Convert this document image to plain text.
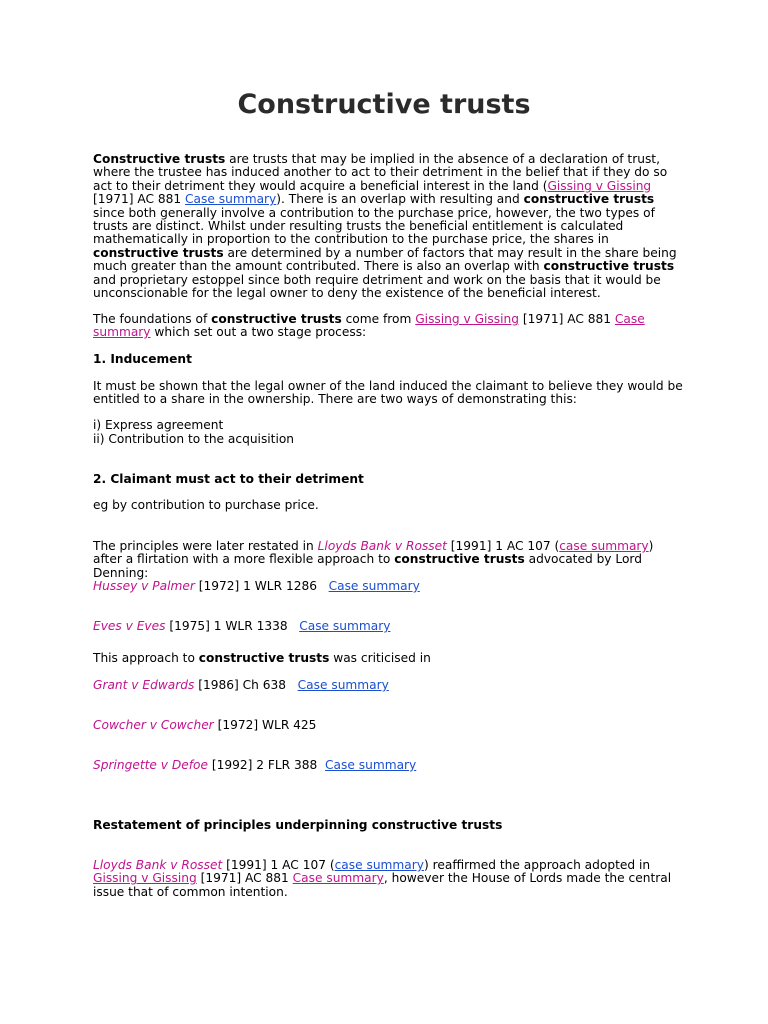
Constructive trusts

Constructive trusts are trusts that may be implied in the absence of a declaration of trust, where the trustee has induced another to act to their detriment in the belief that if they do so act to their detriment they would acquire a beneficial interest in the land (Gissing v Gissing [1971] AC 881 Case summary). There is an overlap with resulting and constructive trusts since both generally involve a contribution to the purchase price, however, the two types of trusts are distinct. Whilst under resulting trusts the beneficial entitlement is calculated mathematically in proportion to the contribution to the purchase price, the shares in constructive trusts are determined by a number of factors that may result in the share being much greater than the amount contributed. There is also an overlap with constructive trusts and proprietary estoppel since both require detriment and work on the basis that it would be unconscionable for the legal owner to deny the existence of the beneficial interest.

The foundations of constructive trusts come from Gissing v Gissing [1971] AC 881 Case summary which set out a two stage process:

1. Inducement

It must be shown that the legal owner of the land induced the claimant to believe they would be entitled to a share in the ownership. There are two ways of demonstrating this:

i) Express agreement

ii) Contribution to the acquisition

2. Claimant must act to their detriment

eg by contribution to purchase price.

The principles were later restated in Lloyds Bank v Rosset [1991] 1 AC 107 (case summary) after a flirtation with a more flexible approach to constructive trusts advocated by Lord Denning:

Hussey v Palmer [1972] 1 WLR 1286 Case summary

Eves v Eves [1975] 1 WLR 1338 Case summary

This approach to constructive trusts was criticised in

Grant v Edwards [1986] Ch 638 Case summary

Cowcher v Cowcher [1972] WLR 425

Springette v Defoe [1992] 2 FLR 388 Case summary

Restatement of principles underpinning constructive trusts

Lloyds Bank v Rosset [1991] 1 AC 107 (case summary) reaffirmed the approach adopted in Gissing v Gissing [1971] AC 881 Case summary, however the House of Lords made the central issue that of common intention.
